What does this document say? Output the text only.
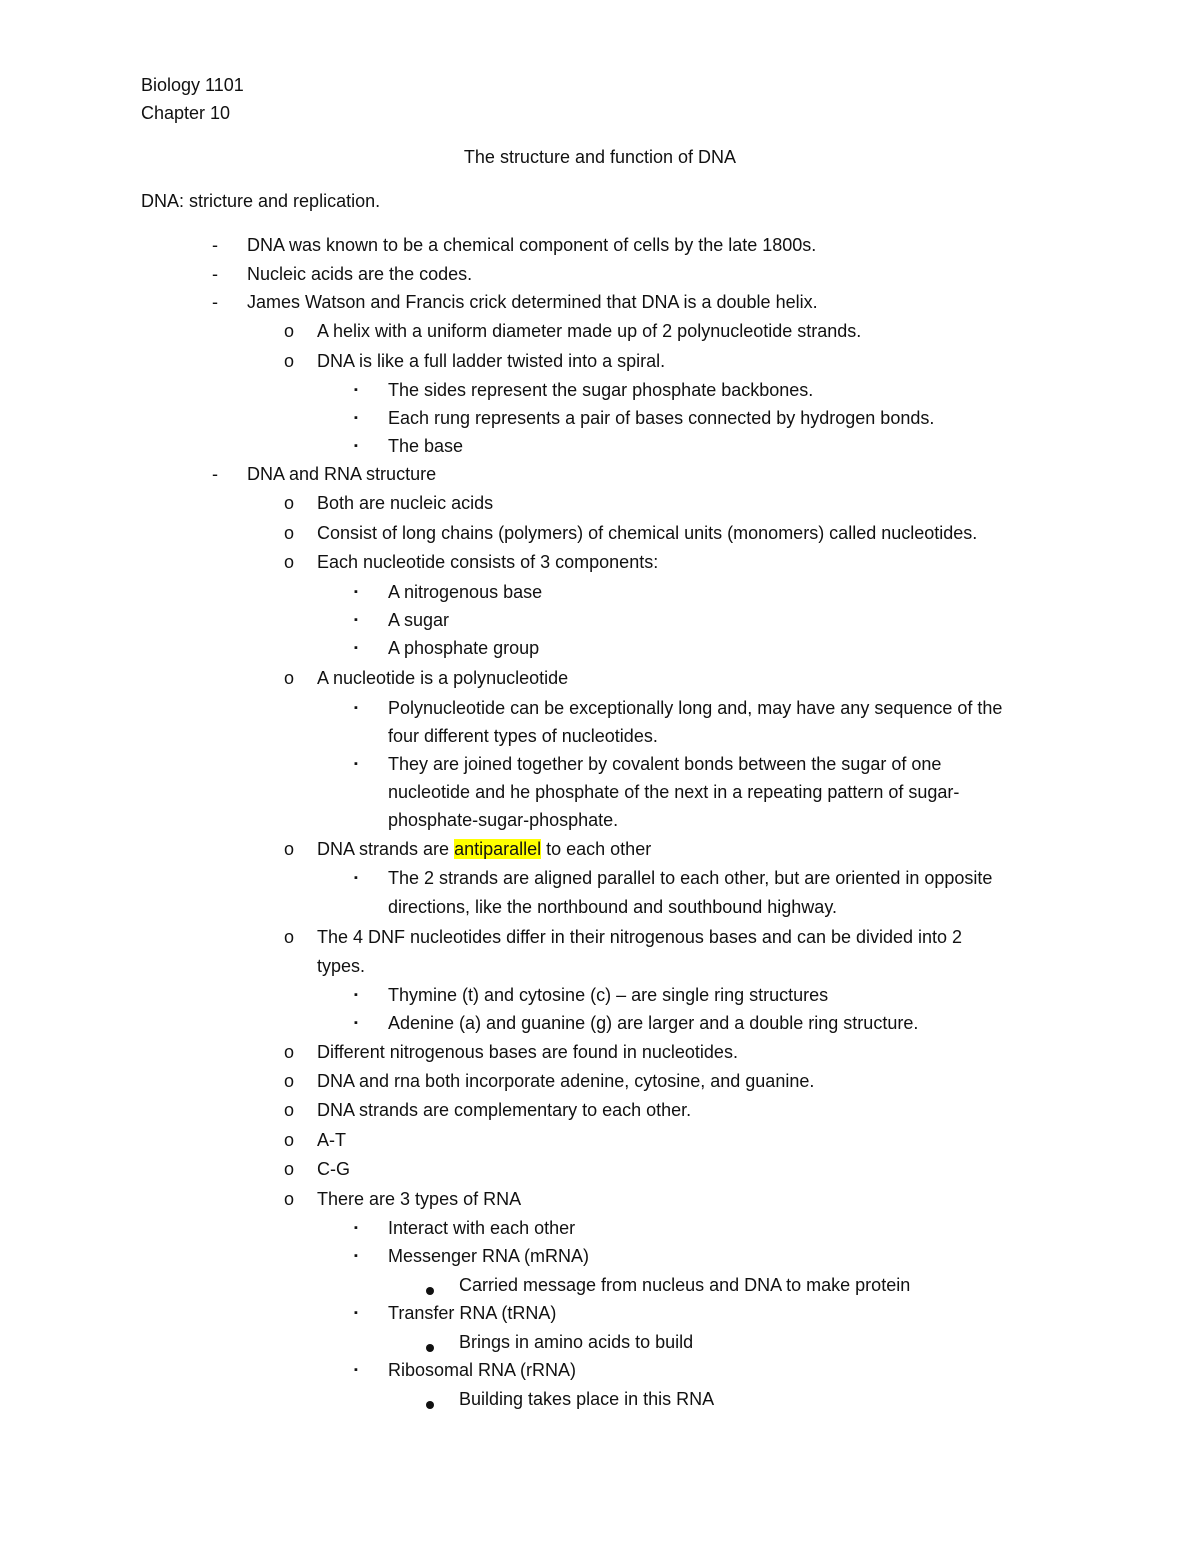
Biology 1101
Chapter 10
The structure and function of DNA
DNA: stricture and replication.
- DNA was known to be a chemical component of cells by the late 1800s.
- Nucleic acids are the codes.
- James Watson and Francis crick determined that DNA is a double helix.
o A helix with a uniform diameter made up of 2 polynucleotide strands.
o DNA is like a full ladder twisted into a spiral.
▪ The sides represent the sugar phosphate backbones.
▪ Each rung represents a pair of bases connected by hydrogen bonds.
▪ The base
- DNA and RNA structure
o Both are nucleic acids
o Consist of long chains (polymers) of chemical units (monomers) called nucleotides.
o Each nucleotide consists of 3 components:
▪ A nitrogenous base
▪ A sugar
▪ A phosphate group
o A nucleotide is a polynucleotide
▪ Polynucleotide can be exceptionally long and, may have any sequence of the
four different types of nucleotides.
▪ They are joined together by covalent bonds between the sugar of one
nucleotide and he phosphate of the next in a repeating pattern of sugar-
phosphate-sugar-phosphate.
o DNA strands are antiparallel to each other
▪ The 2 strands are aligned parallel to each other, but are oriented in opposite
directions, like the northbound and southbound highway.
o The 4 DNF nucleotides differ in their nitrogenous bases and can be divided into 2
types.
▪ Thymine (t) and cytosine (c) – are single ring structures
▪ Adenine (a) and guanine (g) are larger and a double ring structure.
o Different nitrogenous bases are found in nucleotides.
o DNA and rna both incorporate adenine, cytosine, and guanine.
o DNA strands are complementary to each other.
o A-T
o C-G
o There are 3 types of RNA
▪ Interact with each other
▪ Messenger RNA (mRNA)
Carried message from nucleus and DNA to make protein
▪ Transfer RNA (tRNA)
Brings in amino acids to build
▪ Ribosomal RNA (rRNA)
Building takes place in this RNA
